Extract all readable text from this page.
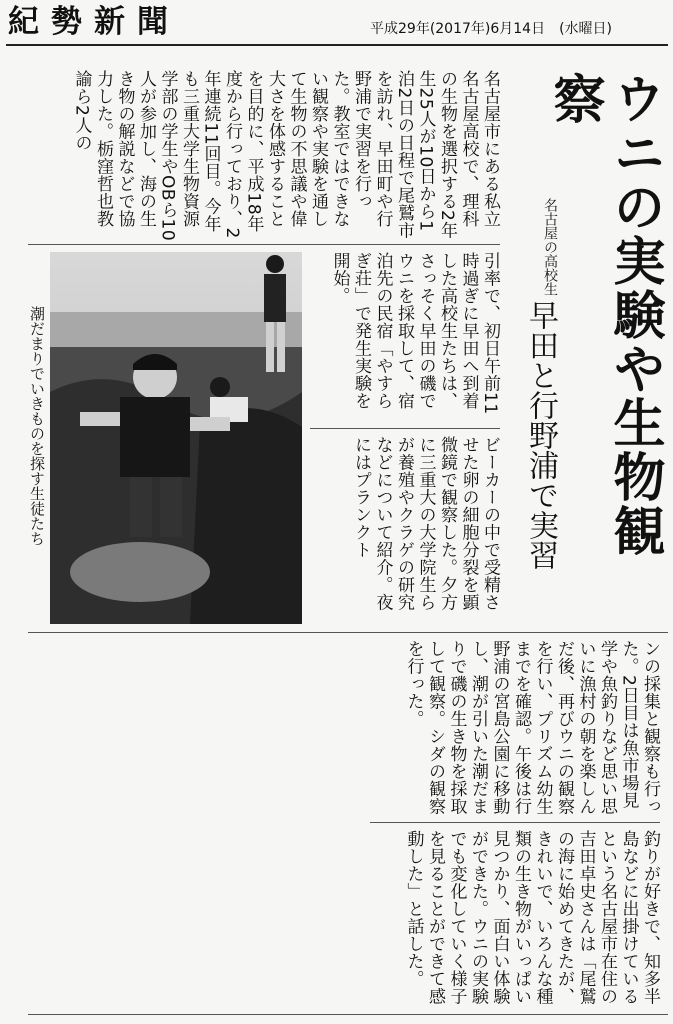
紀勢新聞	平成29年(2017年)6月14日　(水曜日)
ウニの実験や生物観察
名古屋の高校生
早田と行野浦で実習
名古屋市にある私立名古屋高校で、理科の生物を選択する2年生25人が10日から1泊2日の日程で尾鷲市を訪れ、早田町や行野浦で実習を行った。教室ではできない観察や実験を通して生物の不思議や偉大さを体感することを目的に、平成18年度から行っており、2年連続11回目。今年も三重大学生物資源学部の学生やOBら10人が参加し、海の生き物の解説などで協力した。栃窪哲也教諭ら2人の
潮だまりでいきものを探す生徒たち	引率で、初日午前11時過ぎに早田へ到着した高校生たちは、さっそく早田の磯でウニを採取して、宿泊先の民宿「やすらぎ荘」で発生実験を開始。
ビーカーの中で受精させた卵の細胞分裂を顕微鏡で観察した。夕方に三重大の大学院生らが養殖やクラゲの研究などについて紹介。夜にはプランクト
ンの採集と観察も行った。2日目は魚市場見学や魚釣りなど思い思いに漁村の朝を楽しんだ後、再びウニの観察を行い、プリズム幼生までを確認。午後は行野浦の宮島公園に移動し、潮が引いた潮だまりで磯の生き物を採取して観察。シダの観察を行った。
釣りが好きで、知多半島などに出掛けているという名古屋市在住の吉田卓史さんは「尾鷲の海に始めてきたが、きれいで、いろんな種類の生き物がいっぱい見つかり、面白い体験ができた。ウニの実験でも変化していく様子を見ることができて感動した」と話した。
